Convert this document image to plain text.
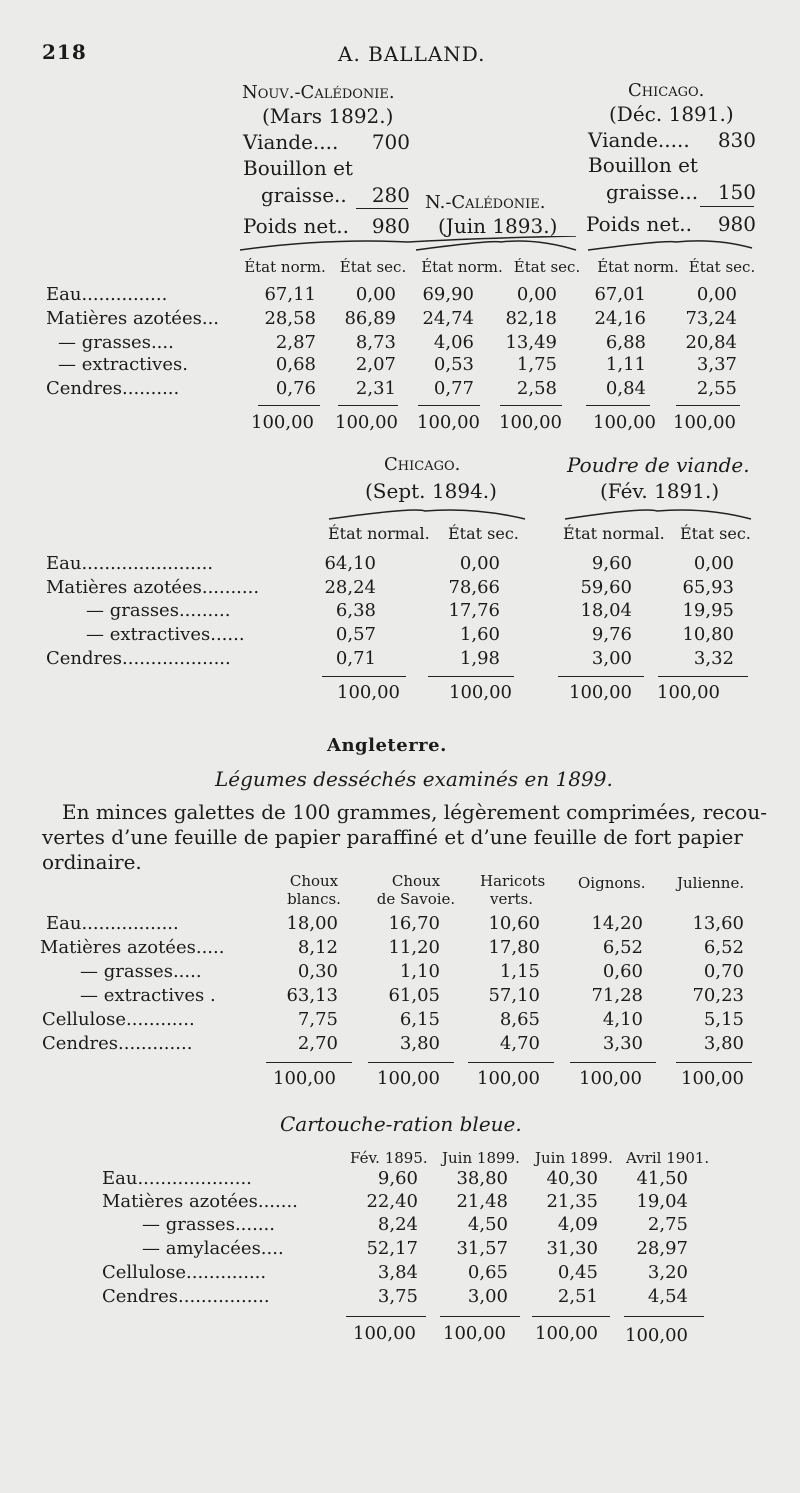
218	A. BALLAND.
Nouv.-Calédonie.
(Mars 1892.)
Viande....	700
Bouillon et
graisse..	280
Poids net..	980
N.-Calédonie.
(Juin 1893.)
Chicago.
(Déc. 1891.)
Viande.....	830
Bouillon et
graisse... 150
Poids net..	980
État norm. État sec. État norm. État sec.	État norm. État sec.
Eau...............	67,11	0,00	69,90	0,00	67,01	0,00
Matières azotées...	28,58	86,89	24,74	82,18	24,16	73,24
— grasses....	2,87	8,73	4,06	13,49	6,88	20,84
— extractives.	0,68	2,07	0,53	1,75	1,11	3,37
Cendres..........	0,76	2,31	0,77	2,58	0,84	2,55
100,00	100,00	100,00	100,00	100,00 100,00
Chicago.
(Sept. 1894.)
Poudre de viande.
(Fév. 1891.)
État normal. État sec.	État normal. État sec.
Eau.......................	64,10	0,00	9,60	0,00
Matières azotées..........	28,24	78,66	59,60	65,93
— grasses.........	6,38	17,76	18,04	19,95
— extractives......	0,57	1,60	9,76	10,80
Cendres...................	0,71	1,98	3,00	3,32
100,00	100,00	100,00	100,00
Angleterre.
Légumes desséchés examinés en 1899.
En minces galettes de 100 grammes, légèrement comprimées, recou-
vertes d’une feuille de papier paraffiné et d’une feuille de fort papier
ordinaire.
Choux
blancs.
Choux
de Savoie.
Haricots
verts.
Oignons. Julienne.
Eau.................	18,00	16,70	10,60	14,20	13,60
Matières azotées.....	8,12	11,20	17,80	6,52	6,52
— grasses.....	0,30	1,10	1,15	0,60	0,70
— extractives .	63,13	61,05	57,10	71,28	70,23
Cellulose............	7,75	6,15	8,65	4,10	5,15
Cendres.............	2,70	3,80	4,70	3,30	3,80
100,00	100,00	100,00	100,00	100,00
Cartouche-ration bleue.
Fév. 1895. Juin 1899. Juin 1899. Avril 1901.
Eau....................	9,60	38,80	40,30	41,50
Matières azotées.......	22,40	21,48	21,35	19,04
— grasses.......	8,24	4,50	4,09	2,75
— amylacées....	52,17	31,57	31,30	28,97
Cellulose..............	3,84	0,65	0,45	3,20
Cendres................	3,75	3,00	2,51	4,54
100,00	100,00	100,00	100,00
